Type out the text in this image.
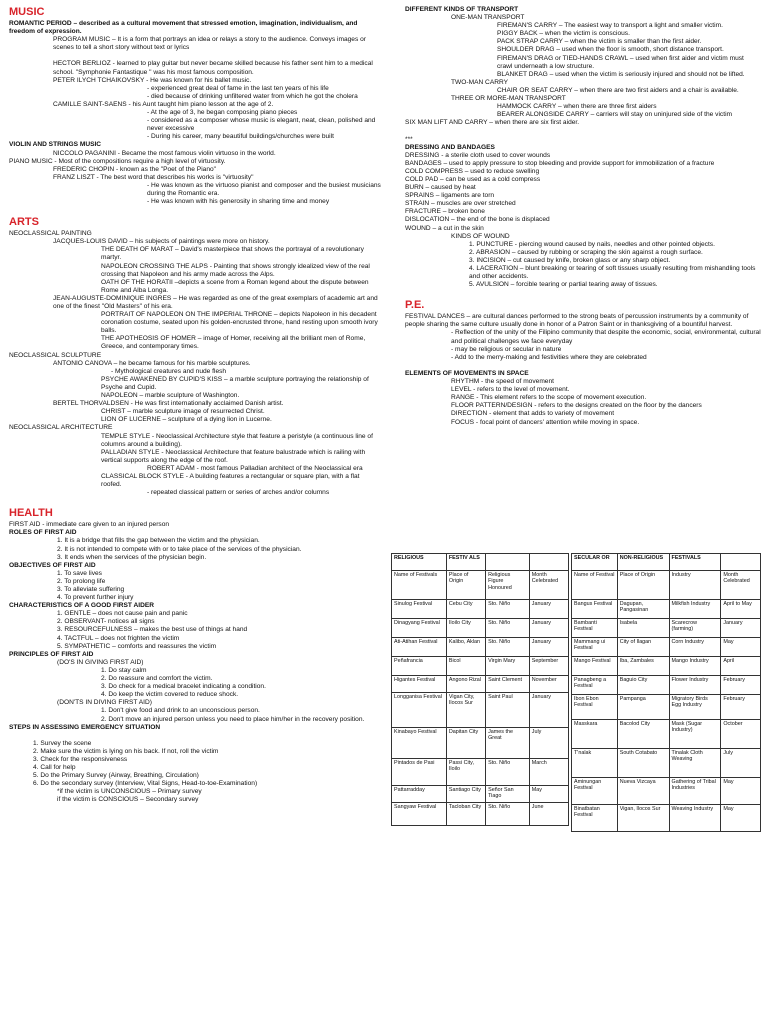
MUSIC
ROMANTIC PERIOD – described as a cultural movement that stressed emotion, imagination, individualism, and freedom of expression.
PROGRAM MUSIC – It is a form that portrays an idea or relays a story to the audience. Conveys images or scenes to tell a short story without text or lyrics
HECTOR BERLIOZ - learned to play guitar but never became skilled because his father sent him to a medical school. "Symphonie Fantastique " was his most famous composition.
PETER ILYCH TCHAIKOVSKY - He was known for his ballet music.
- experienced great deal of fame in the last ten years of his life
- died because of drinking unfiltered water from which he got the cholera
CAMILLE SAINT-SAENS - his Aunt taught him piano lesson at the age of 2.
- At the age of 3, he began composing piano pieces
- considered as a composer whose music is elegant, neat, clean, polished and never excessive
- During his career, many beautiful buildings/churches were built
VIOLIN AND STRINGS MUSIC
NICCOLO PAGANINI - Became the most famous violin virtuoso in the world.
PIANO MUSIC - Most of the compositions require a high level of virtuosity.
FREDERIC CHOPIN - known as the "Poet of the Piano"
FRANZ LISZT - The best word that describes his works is "virtuosity"
- He was known as the virtuoso pianist and composer and the busiest musicians during the Romantic era.
- He was known with his generosity in sharing time and money
ARTS
NEOCLASSICAL PAINTING
JACQUES-LOUIS DAVID – his subjects of paintings were more on history.
THE DEATH OF MARAT – David's masterpiece that shows the portrayal of a revolutionary martyr.
NAPOLEON CROSSING THE ALPS - Painting that shows strongly idealized view of the real crossing that Napoleon and his army made across the Alps.
OATH OF THE HORATII –depicts a scene from a Roman legend about the dispute between Rome and Alba Longa.
JEAN-AUGUSTE-DOMINIQUE INGRES – He was regarded as one of the great exemplars of academic art and one of the finest "Old Masters" of his era.
PORTRAIT OF NAPOLEON ON THE IMPERIAL THRONE – depicts Napoleon in his decadent coronation costume, seated upon his golden-encrusted throne, hand resting upon smooth ivory balls.
THE APOTHEOSIS OF HOMER – image of Homer, receiving all the brilliant men of Rome, Greece, and contemporary times.
NEOCLASSICAL SCULPTURE
ANTONIO CANOVA – he became famous for his marble sculptures.
- Mythological creatures and nude flesh
PSYCHE AWAKENED BY CUPID'S KISS – a marble sculpture portraying the relationship of Psyche and Cupid.
NAPOLEON – marble sculpture of Washington.
BERTEL THORVALDSEN - He was first internationally acclaimed Danish artist.
CHRIST – marble sculpture image of resurrected Christ.
LION OF LUCERNE – sculpture of a dying lion in Lucerne.
NEOCLASSICAL ARCHITECTURE
TEMPLE STYLE - Neoclassical Architecture style that feature a peristyle (a continuous line of columns around a building).
PALLADIAN STYLE - Neoclassical Architecture that feature balustrade which is railing with vertical supports along the edge of the roof.
ROBERT ADAM - most famous Palladian architect of the Neoclassical era
CLASSICAL BLOCK STYLE - A building features a rectangular or square plan, with a flat roofed.
- repeated classical pattern or series of arches and/or columns
HEALTH
FIRST AID - immediate care given to an injured person
ROLES OF FIRST AID
1. It is a bridge that fills the gap between the victim and the physician.
2. It is not intended to compete with or to take place of the services of the physician.
3. It ends when the services of the physician begin.
OBJECTIVES OF FIRST AID
1. To save lives
2. To prolong life
3. To alleviate suffering
4. To prevent further injury
CHARACTERISTICS OF A GOOD FIRST AIDER
1. GENTLE – does not cause pain and panic
2. OBSERVANT- notices all signs
3. RESOURCEFULNESS – makes the best use of things at hand
4. TACTFUL – does not frighten the victim
5. SYMPATHETIC – comforts and reassures the victim
PRINCIPLES OF FIRST AID
(DO'S IN GIVING FIRST AID)
1. Do stay calm
2. Do reassure and comfort the victim.
3. Do check for a medical bracelet indicating a condition.
4. Do keep the victim covered to reduce shock.
(DON'TS IN DIVING FIRST AID)
1. Don't give food and drink to an unconscious person.
2. Don't move an injured person unless you need to place him/her in the recovery position.
STEPS IN ASSESSING EMERGENCY SITUATION
1. Survey the scene
2. Make sure the victim is lying on his back. If not, roll the victim
3. Check for the responsiveness
4. Call for help
5. Do the Primary Survey (Airway, Breathing, Circulation)
6. Do the secondary survey (Interview, Vital Signs, Head-to-toe-Examination)
*if the victim is UNCONSCIOUS – Primary survey
if the victim is CONSCIOUS – Secondary survey
DIFFERENT KINDS OF TRANSPORT
ONE-MAN TRANSPORT
FIREMAN'S CARRY – The easiest way to transport a light and smaller victim.
PIGGY BACK – when the victim is conscious.
PACK STRAP CARRY – when the victim is smaller than the first aider.
SHOULDER DRAG – used when the floor is smooth, short distance transport.
FIREMAN'S DRAG or TIED-HANDS CRAWL – used when first aider and victim must crawl underneath a low structure.
BLANKET DRAG – used when the victim is seriously injured and should not be lifted.
TWO-MAN CARRY
CHAIR OR SEAT CARRY – when there are two first aiders and a chair is available.
THREE OR MORE-MAN TRANSPORT
HAMMOCK CARRY – when there are three first aiders
BEARER ALONGSIDE CARRY – carriers will stay on uninjured side of the victim
SIX MAN LIFT AND CARRY – when there are six first aider.
***
DRESSING AND BANDAGES
DRESSING - a sterile cloth used to cover wounds
BANDAGES – used to apply pressure to stop bleeding and provide support for immobilization of a fracture
COLD COMPRESS – used to reduce swelling
COLD PAD – can be used as a cold compress
BURN – caused by heat
SPRAINS – ligaments are torn
STRAIN – muscles are over stretched
FRACTURE – broken bone
DISLOCATION – the end of the bone is displaced
WOUND – a cut in the skin
KINDS OF WOUND
1. PUNCTURE - piercing wound caused by nails, needles and other pointed objects.
2. ABRASION – caused by rubbing or scraping the skin against a rough surface.
3. INCISION – cut caused by knife, broken glass or any sharp object.
4. LACERATION – blunt breaking or tearing of soft tissues usually resulting from mishandling tools and other accidents.
5. AVULSION – forcible tearing or partial tearing away of tissues.
P.E.
FESTIVAL DANCES – are cultural dances performed to the strong beats of percussion instruments by a community of people sharing the same culture usually done in honor of a Patron Saint or in thanksgiving of a bountiful harvest.
- Reflection of the unity of the Filipino community that despite the economic, social, environmental, cultural and political challenges we face everyday
- may be religious or secular in nature
- Add to the merry-making and festivities where they are celebrated
ELEMENTS OF MOVEMENTS IN SPACE
RHYTHM - the speed of movement
LEVEL - refers to the level of movement.
RANGE - This element refers to the scope of movement execution.
FLOOR PATTERN/DESIGN - refers to the designs created on the floor by the dancers
DIRECTION - element that adds to variety of movement
FOCUS - focal point of dancers' attention while moving in space.
RELIGIOUS	FESTIV ALS		
Name of Festivals	Place of Origin	Religious Figure Honoured	Month Celebrated
Sinulog Festival	Cebu City	Sto. Niño	January
Dinagyang Festival	Iloilo City	Sto. Niño	January
Ati-Atihan Festival	Kalibo, Aklan	Sto. Niño	January
Peñafrancia	Bicol	Virgin Mary	September
Higantes Festival	Angono Rizal	Saint Clement	November
Longganisa Festival	Vigan City, Ilocos Sur	Saint Paul	January
Kinabayo Festival	Dapitan City	James the Great	July
Pintados de Pasi	Passi City, Iloilo	Sto. Niño	March
Pattarradday	Santiago City	Señor San Tiago	May
Sangyaw Festival	Tacloban City	Sto. Niño	June
SECULAR OR	NON-RELIGIOUS	FESTIVALS	
Name of Festival	Place of Origin	Industry	Month Celebrated
Bangus Festival	Dagupan, Pangasinan	Milkfish Industry	April to May
Bambanti Festival	Isabela	Scarecrow (farming)	January
Mammang ui Festival	City of Ilagan	Corn Industry	May
Mango Festival	Iba, Zambales	Mango Industry	April
Panagbeng a Festival	Baguio City	Flower Industry	February
Ibon Ebon Festival	Pampanga	Migratory Birds Egg Industry	February
Masskara	Bacolod City	Mask (Sugar Industry)	October
T'nalak	South Cotabato	Tinalak Cloth Weaving	July
Aminungan Festival	Nueva Vizcaya	Gathering of Tribal Industries	May
Binatbatan Festival	Vigan, Ilocos Sur	Weaving Industry	May
